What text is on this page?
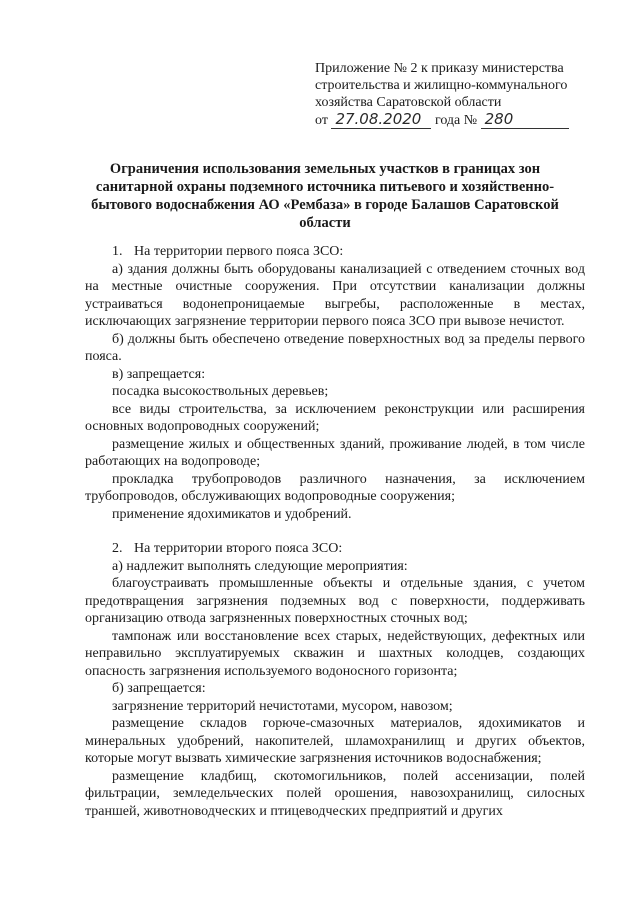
Приложение № 2 к приказу министерства
строительства и жилищно-коммунального
хозяйства Саратовской области
от 27.08.2020 года № 280
Ограничения использования земельных участков в границах зон санитарной охраны подземного источника питьевого и хозяйственно-бытового водоснабжения АО «Рембаза» в городе Балашов Саратовской области

1. На территории первого пояса ЗСО:

а) здания должны быть оборудованы канализацией с отведением сточных вод на местные очистные сооружения. При отсутствии канализации должны устраиваться водонепроницаемые выгребы, расположенные в местах, исключающих загрязнение территории первого пояса ЗСО при вывозе нечистот.

б) должны быть обеспечено отведение поверхностных вод за пределы первого пояса.

в) запрещается:

посадка высокоствольных деревьев;

все виды строительства, за исключением реконструкции или расширения основных водопроводных сооружений;

размещение жилых и общественных зданий, проживание людей, в том числе работающих на водопроводе;

прокладка трубопроводов различного назначения, за исключением трубопроводов, обслуживающих водопроводные сооружения;

применение ядохимикатов и удобрений.

2. На территории второго пояса ЗСО:

а) надлежит выполнять следующие мероприятия:

благоустраивать промышленные объекты и отдельные здания, с учетом предотвращения загрязнения подземных вод с поверхности, поддерживать организацию отвода загрязненных поверхностных сточных вод;

тампонаж или восстановление всех старых, недействующих, дефектных или неправильно эксплуатируемых скважин и шахтных колодцев, создающих опасность загрязнения используемого водоносного горизонта;

б) запрещается:

загрязнение территорий нечистотами, мусором, навозом;

размещение складов горюче-смазочных материалов, ядохимикатов и минеральных удобрений, накопителей, шламохранилищ и других объектов, которые могут вызвать химические загрязнения источников водоснабжения;

размещение кладбищ, скотомогильников, полей ассенизации, полей фильтрации, земледельческих полей орошения, навозохранилищ, силосных траншей, животноводческих и птицеводческих предприятий и других
